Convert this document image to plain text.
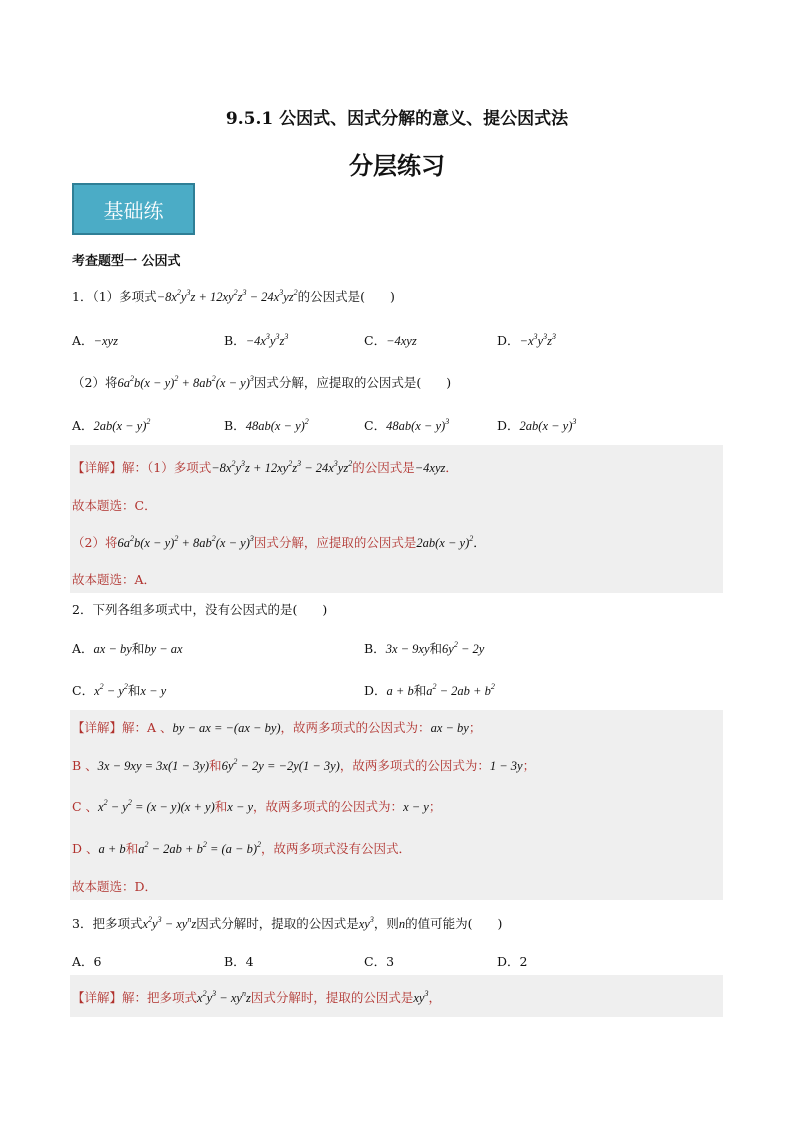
9.5.1 公因式、因式分解的意义、提公因式法
分层练习
基础练
考查题型一 公因式
1．（1）多项式$-8x^2y^3z + 12xy^2z^3 - 24x^3yz^2$的公因式是(　　)
A．−xyz	B．$-4x^3y^3z^3$	C．−4xyz	D．$-x^3y^3z^3$
（2）将$6a^2b(x - y)^2 + 8ab^2(x - y)^3$因式分解，应提取的公因式是(　　)
A．$2ab(x - y)^2$	B．$48ab(x - y)^2$	C．$48ab(x - y)^3$	D．$2ab(x - y)^3$
【详解】解：（1）多项式$-8x^2y^3z + 12xy^2z^3 - 24x^3yz^2$的公因式是−4xyz．
故本题选：C．
（2）将$6a^2b(x - y)^2 + 8ab^2(x - y)^3$因式分解，应提取的公因式是$2ab(x - y)^2$．
故本题选：A．
2．下列各组多项式中，没有公因式的是(　　)
A．ax − by和by − ax	B．3x − 9xy和$6y^2 - 2y$
C．$x^2 - y^2$和x − y	D．a + b和$a^2 - 2ab + b^2$
【详解】解：A 、by − ax = −(ax − by)，故两多项式的公因式为：ax − by；
B 、3x − 9xy = 3x(1 − 3y)和$6y^2 - 2y = -2y(1 - 3y)$，故两多项式的公因式为：1 − 3y；
C 、$x^2 - y^2 = (x - y)(x + y)$和x − y，故两多项式的公因式为：x − y；
D 、a + b和$a^2 - 2ab + b^2 = (a - b)^2$，故两多项式没有公因式．
故本题选：D．
3．把多项式$x^2y^3 - xy^nz$因式分解时，提取的公因式是$xy^3$，则n的值可能为(　　)
A．6	B．4	C．3	D．2
【详解】解：把多项式$x^2y^3 - xy^nz$因式分解时，提取的公因式是$xy^3$，
